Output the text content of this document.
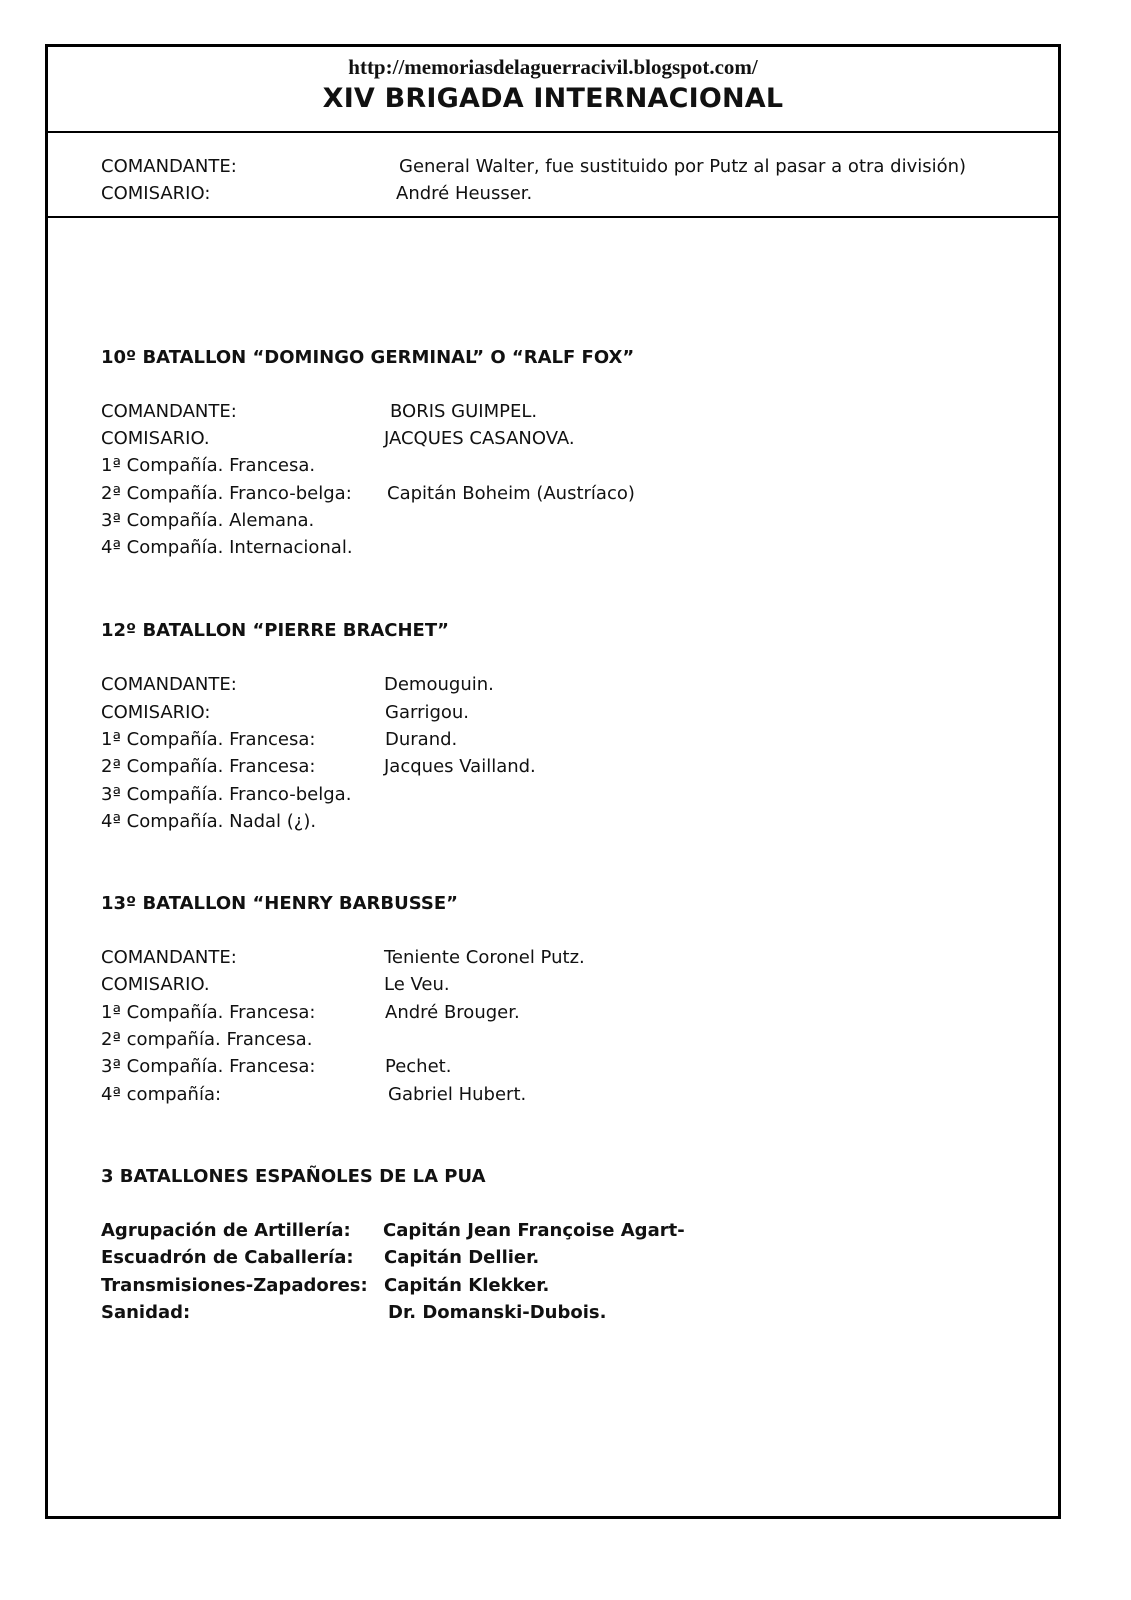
http://memoriasdelaguerracivil.blogspot.com/
XIV BRIGADA INTERNACIONAL
COMANDANTE:	General Walter, fue sustituido por Putz al pasar a otra división)
COMISARIO:	André Heusser.
10º BATALLON “DOMINGO GERMINAL” O “RALF FOX”
COMANDANTE:	BORIS GUIMPEL.
COMISARIO.	JACQUES CASANOVA.
1ª Compañía. Francesa.
2ª Compañía. Franco-belga: Capitán Boheim (Austríaco)
3ª Compañía. Alemana.
4ª Compañía. Internacional.
12º BATALLON “PIERRE BRACHET”
COMANDANTE:	Demouguin.
COMISARIO:	Garrigou.
1ª Compañía. Francesa:	Durand.
2ª Compañía. Francesa:	Jacques Vailland.
3ª Compañía. Franco-belga.
4ª Compañía. Nadal (¿).
13º BATALLON “HENRY BARBUSSE”
COMANDANTE:	Teniente Coronel Putz.
COMISARIO.	Le Veu.
1ª Compañía. Francesa:	André Brouger.
2ª compañía. Francesa.
3ª Compañía. Francesa:	Pechet.
4ª compañía:	Gabriel Hubert.
3 BATALLONES ESPAÑOLES DE LA PUA
Agrupación de Artillería: Capitán Jean Françoise Agart-
Escuadrón de Caballería: Capitán Dellier.
Transmisiones-Zapadores: Capitán Klekker.
Sanidad:	Dr. Domanski-Dubois.
